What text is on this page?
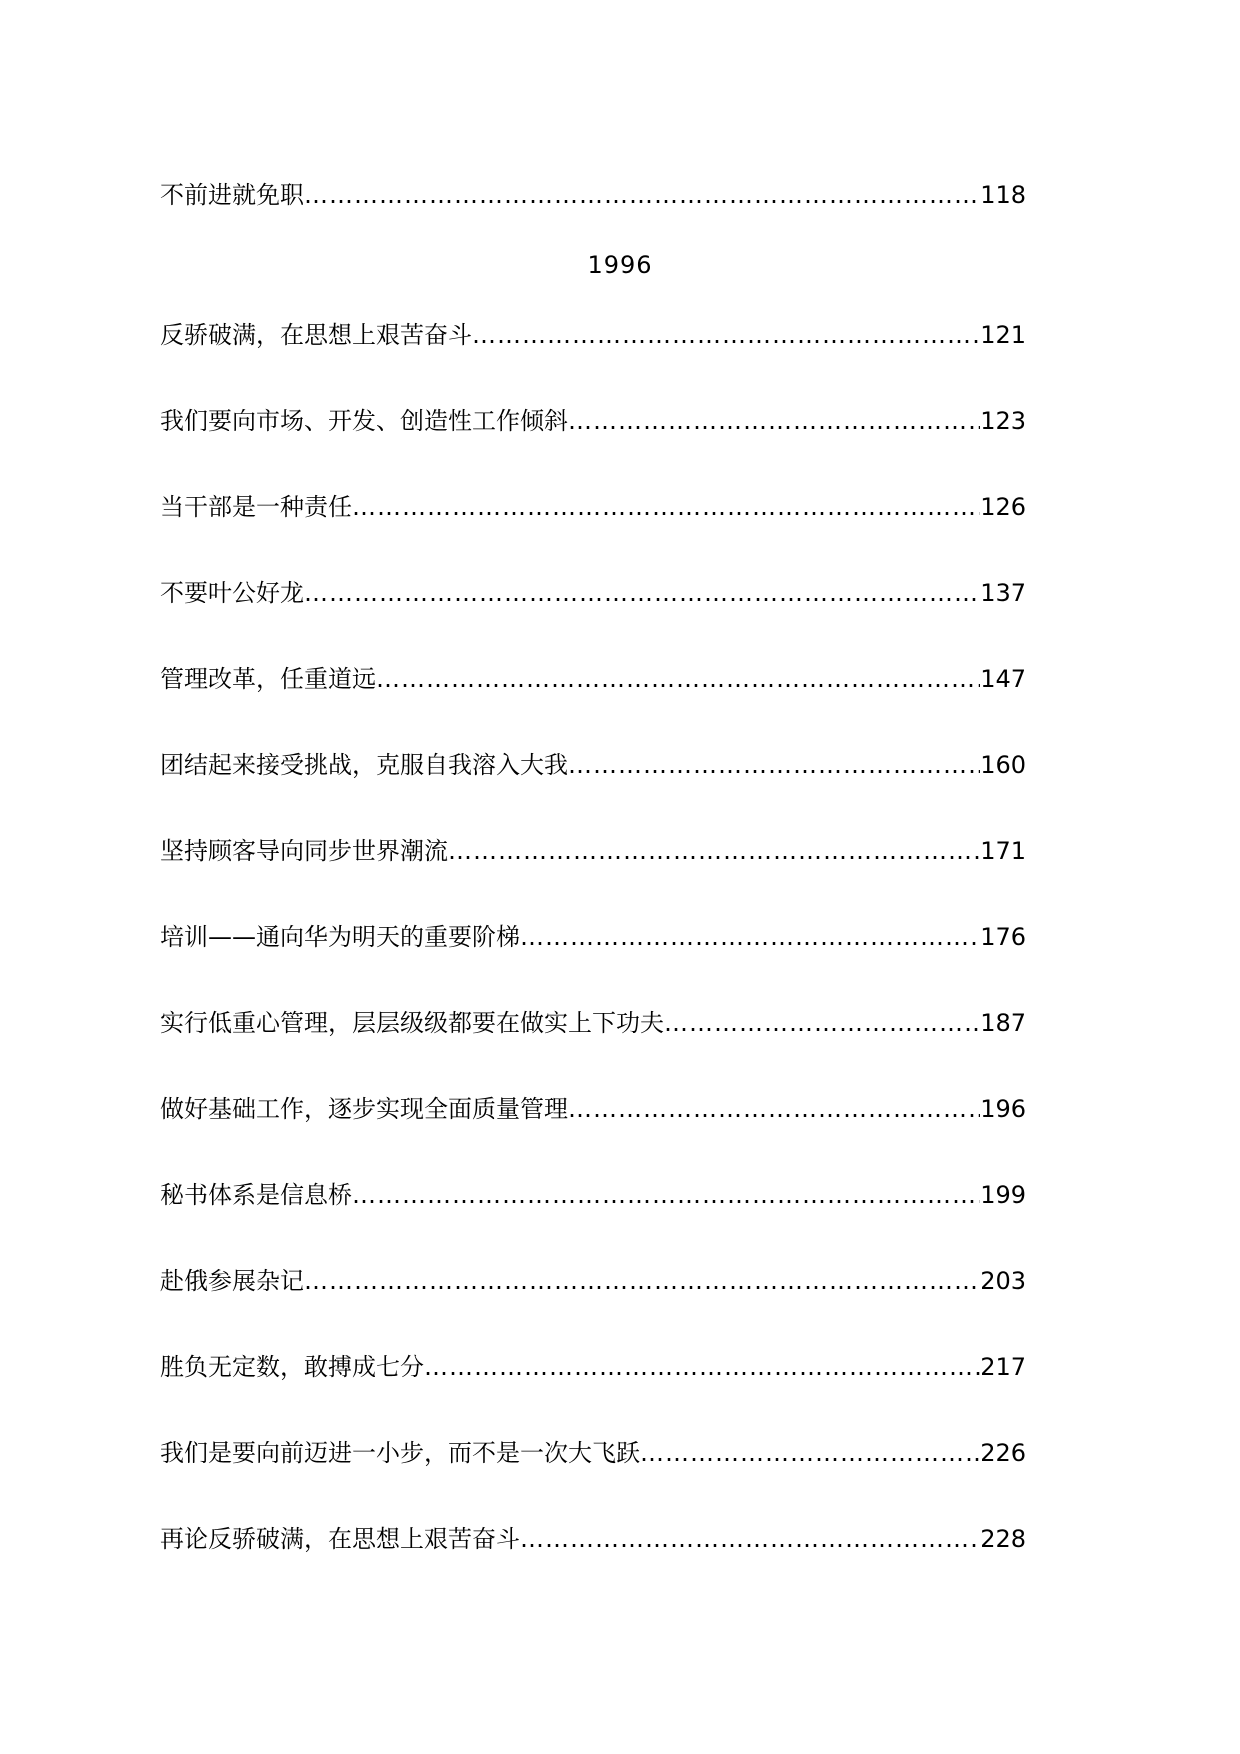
不前进就免职 ……………………………………………………………………………………………………………………………………………………………………………………………………………………………………………………………………………………	118
1996
反骄破满，在思想上艰苦奋斗 ……………………………………………………………………………………………………………………………………………………………………………………………………………………………………………………………………………………	121
我们要向市场、开发、创造性工作倾斜 ……………………………………………………………………………………………………………………………………………………………………………………………………………………………………………………………………………………	123
当干部是一种责任 ……………………………………………………………………………………………………………………………………………………………………………………………………………………………………………………………………………………	126
不要叶公好龙 ……………………………………………………………………………………………………………………………………………………………………………………………………………………………………………………………………………………	137
管理改革，任重道远 ……………………………………………………………………………………………………………………………………………………………………………………………………………………………………………………………………………………	147
团结起来接受挑战，克服自我溶入大我 ……………………………………………………………………………………………………………………………………………………………………………………………………………………………………………………………………………………	160
坚持顾客导向同步世界潮流 ……………………………………………………………………………………………………………………………………………………………………………………………………………………………………………………………………………………	171
培训——通向华为明天的重要阶梯 ……………………………………………………………………………………………………………………………………………………………………………………………………………………………………………………………………………………	176
实行低重心管理，层层级级都要在做实上下功夫 ……………………………………………………………………………………………………………………………………………………………………………………………………………………………………………………………………………………	187
做好基础工作，逐步实现全面质量管理 ……………………………………………………………………………………………………………………………………………………………………………………………………………………………………………………………………………………	196
秘书体系是信息桥 ……………………………………………………………………………………………………………………………………………………………………………………………………………………………………………………………………………………	199
赴俄参展杂记 ……………………………………………………………………………………………………………………………………………………………………………………………………………………………………………………………………………………	203
胜负无定数，敢搏成七分 ……………………………………………………………………………………………………………………………………………………………………………………………………………………………………………………………………………………	217
我们是要向前迈进一小步，而不是一次大飞跃 ……………………………………………………………………………………………………………………………………………………………………………………………………………………………………………………………………………………	226
再论反骄破满，在思想上艰苦奋斗 ……………………………………………………………………………………………………………………………………………………………………………………………………………………………………………………………………………………	228
